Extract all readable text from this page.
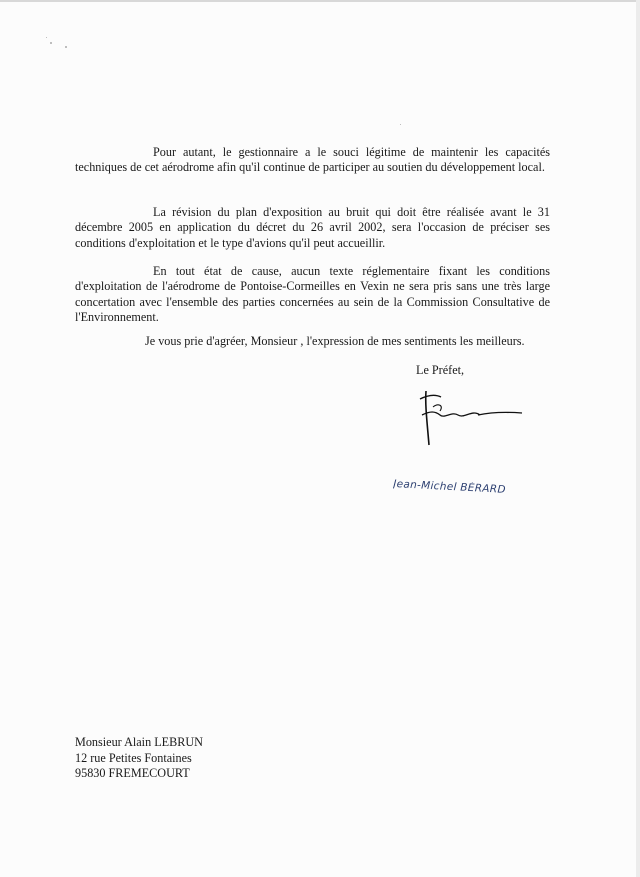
Pour autant, le gestionnaire a le souci légitime de maintenir les capacités techniques de cet aérodrome afin qu'il continue de participer au soutien du développement local.
La révision du plan d'exposition au bruit qui doit être réalisée avant le 31 décembre 2005 en application du décret du 26 avril 2002, sera l'occasion de préciser ses conditions d'exploitation et le type d'avions qu'il peut accueillir.
En tout état de cause, aucun texte réglementaire fixant les conditions d'exploitation de l'aérodrome de Pontoise-Cormeilles en Vexin ne sera pris sans une très large concertation avec l'ensemble des parties concernées au sein de la Commission Consultative de l'Environnement.
Je vous prie d'agréer, Monsieur , l'expression de mes sentiments les meilleurs.
Le Préfet,
Jean-Michel BÉRARD
Monsieur Alain LEBRUN
12 rue Petites Fontaines
95830 FREMECOURT
